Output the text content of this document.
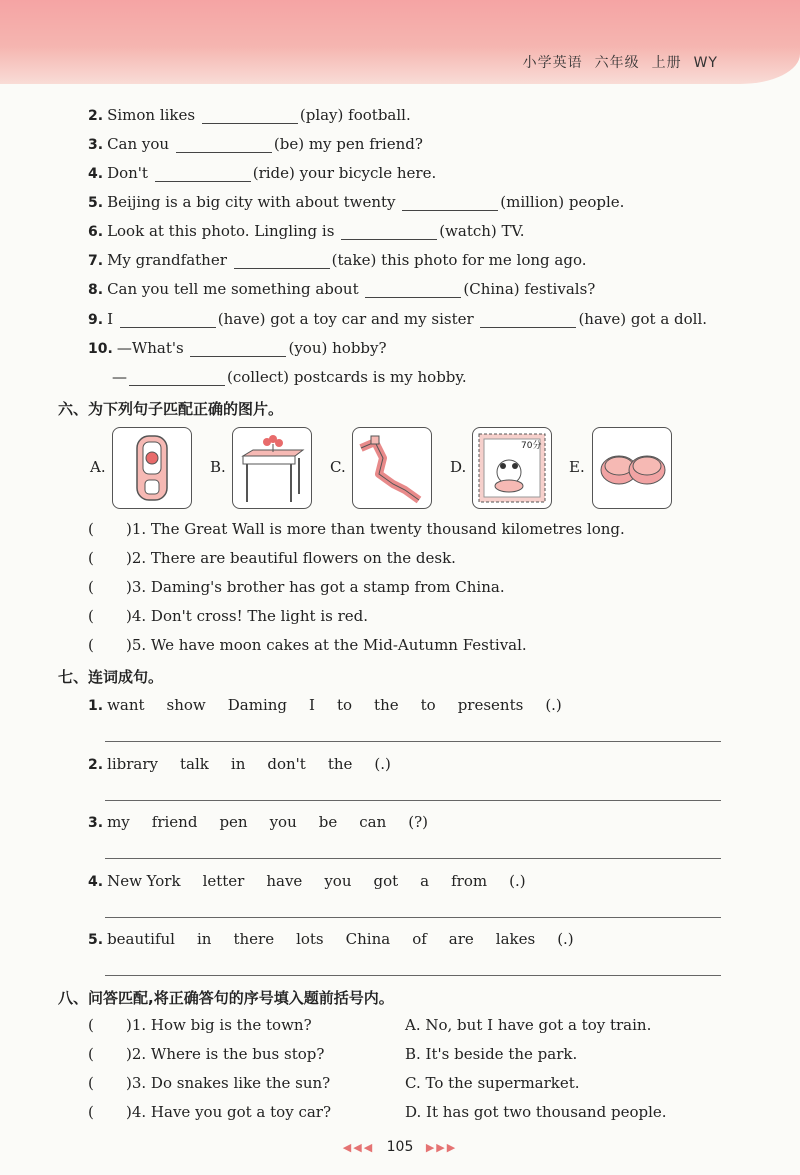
小学英语 六年级 上册 WY
2. Simon likes	(play) football.
3. Can you	(be) my pen friend?
4. Don't	(ride) your bicycle here.
5. Beijing is a big city with about twenty	(million) people.
6. Look at this photo. Lingling is	(watch) TV.
7. My grandfather	(take) this photo for me long ago.
8. Can you tell me something about	(China) festivals?
9. I	(have) got a toy car and my sister	(have) got a doll.
10. —What's	(you) hobby?
—	(collect) postcards is my hobby.
六、为下列句子匹配正确的图片。
A.	B.	C.	D.
70分
E.
( )1. The Great Wall is more than twenty thousand kilometres long.
( )2. There are beautiful flowers on the desk.
( )3. Daming's brother has got a stamp from China.
( )4. Don't cross! The light is red.
( )5. We have moon cakes at the Mid-Autumn Festival.
七、连词成句。
1. want show Daming I to the to presents (.)
2. library talk in don't the (.)
3. my friend pen you be can (?)
4. New York letter have you got a from (.)
5. beautiful in there lots China of are lakes (.)
八、问答匹配,将正确答句的序号填入题前括号内。
( )1. How big is the town?	A. No, but I have got a toy train.
( )2. Where is the bus stop?	B. It's beside the park.
( )3. Do snakes like the sun?	C. To the supermarket.
( )4. Have you got a toy car?	D. It has got two thousand people.
◀◀◀ 105 ▶▶▶
